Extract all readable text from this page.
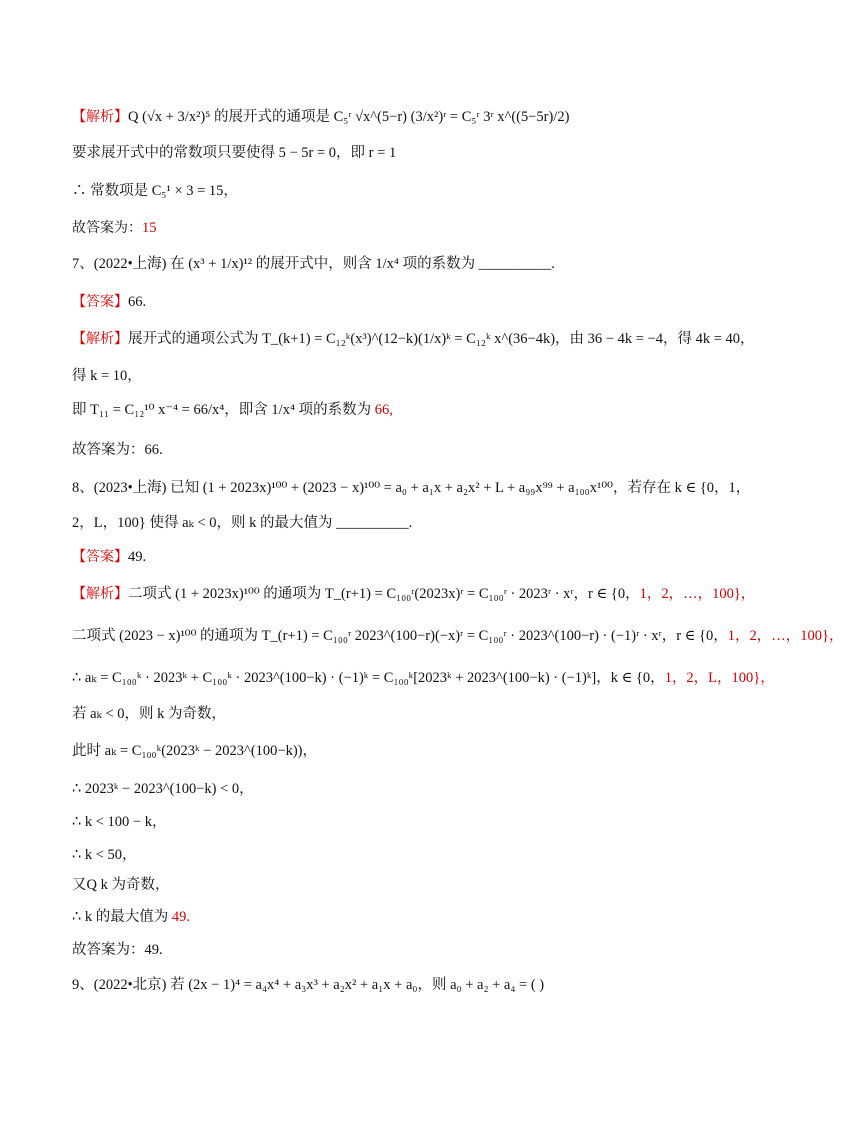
【解析】Q (√x + 3/x²)⁵ 的展开式的通项是 C₅ʳ √x^(5−r) (3/x²)ʳ = C₅ʳ 3ʳ x^((5−5r)/2)
要求展开式中的常数项只要使得 5 − 5r = 0，即 r = 1
∴ 常数项是 C₅¹ × 3 = 15，
故答案为：15
7、(2022•上海) 在 (x³ + 1/x)¹² 的展开式中，则含 1/x⁴ 项的系数为 __________.
【答案】66.
【解析】展开式的通项公式为 T_(k+1) = C₁₂ᵏ(x³)^(12−k)(1/x)ᵏ = C₁₂ᵏ x^(36−4k)，由 36 − 4k = −4，得 4k = 40，
得 k = 10，
即 T₁₁ = C₁₂¹⁰ x⁻⁴ = 66/x⁴，即含 1/x⁴ 项的系数为 66,
故答案为：66.
8、(2023•上海) 已知 (1 + 2023x)¹⁰⁰ + (2023 − x)¹⁰⁰ = a₀ + a₁x + a₂x² + L + a₉₉x⁹⁹ + a₁₀₀x¹⁰⁰，若存在 k ∈ {0，1，
2，L，100} 使得 aₖ < 0，则 k 的最大值为 __________.
【答案】49.
【解析】二项式 (1 + 2023x)¹⁰⁰ 的通项为 T_(r+1) = C₁₀₀ʳ(2023x)ʳ = C₁₀₀ʳ · 2023ʳ · xʳ，r ∈ {0，1，2，…，100}，
二项式 (2023 − x)¹⁰⁰ 的通项为 T_(r+1) = C₁₀₀ʳ 2023^(100−r)(−x)ʳ = C₁₀₀ʳ · 2023^(100−r) · (−1)ʳ · xʳ，r ∈ {0，1，2，…，100}，
∴ aₖ = C₁₀₀ᵏ · 2023ᵏ + C₁₀₀ᵏ · 2023^(100−k) · (−1)ᵏ = C₁₀₀ᵏ[2023ᵏ + 2023^(100−k) · (−1)ᵏ]，k ∈ {0，1，2，L，100}，
若 aₖ < 0，则 k 为奇数，
此时 aₖ = C₁₀₀ᵏ(2023ᵏ − 2023^(100−k))，
∴ 2023ᵏ − 2023^(100−k) < 0，
∴ k < 100 − k，
∴ k < 50，
又Q k 为奇数，
∴ k 的最大值为 49.
故答案为：49.
9、(2022•北京) 若 (2x − 1)⁴ = a₄x⁴ + a₃x³ + a₂x² + a₁x + a₀，则 a₀ + a₂ + a₄ = ( )
